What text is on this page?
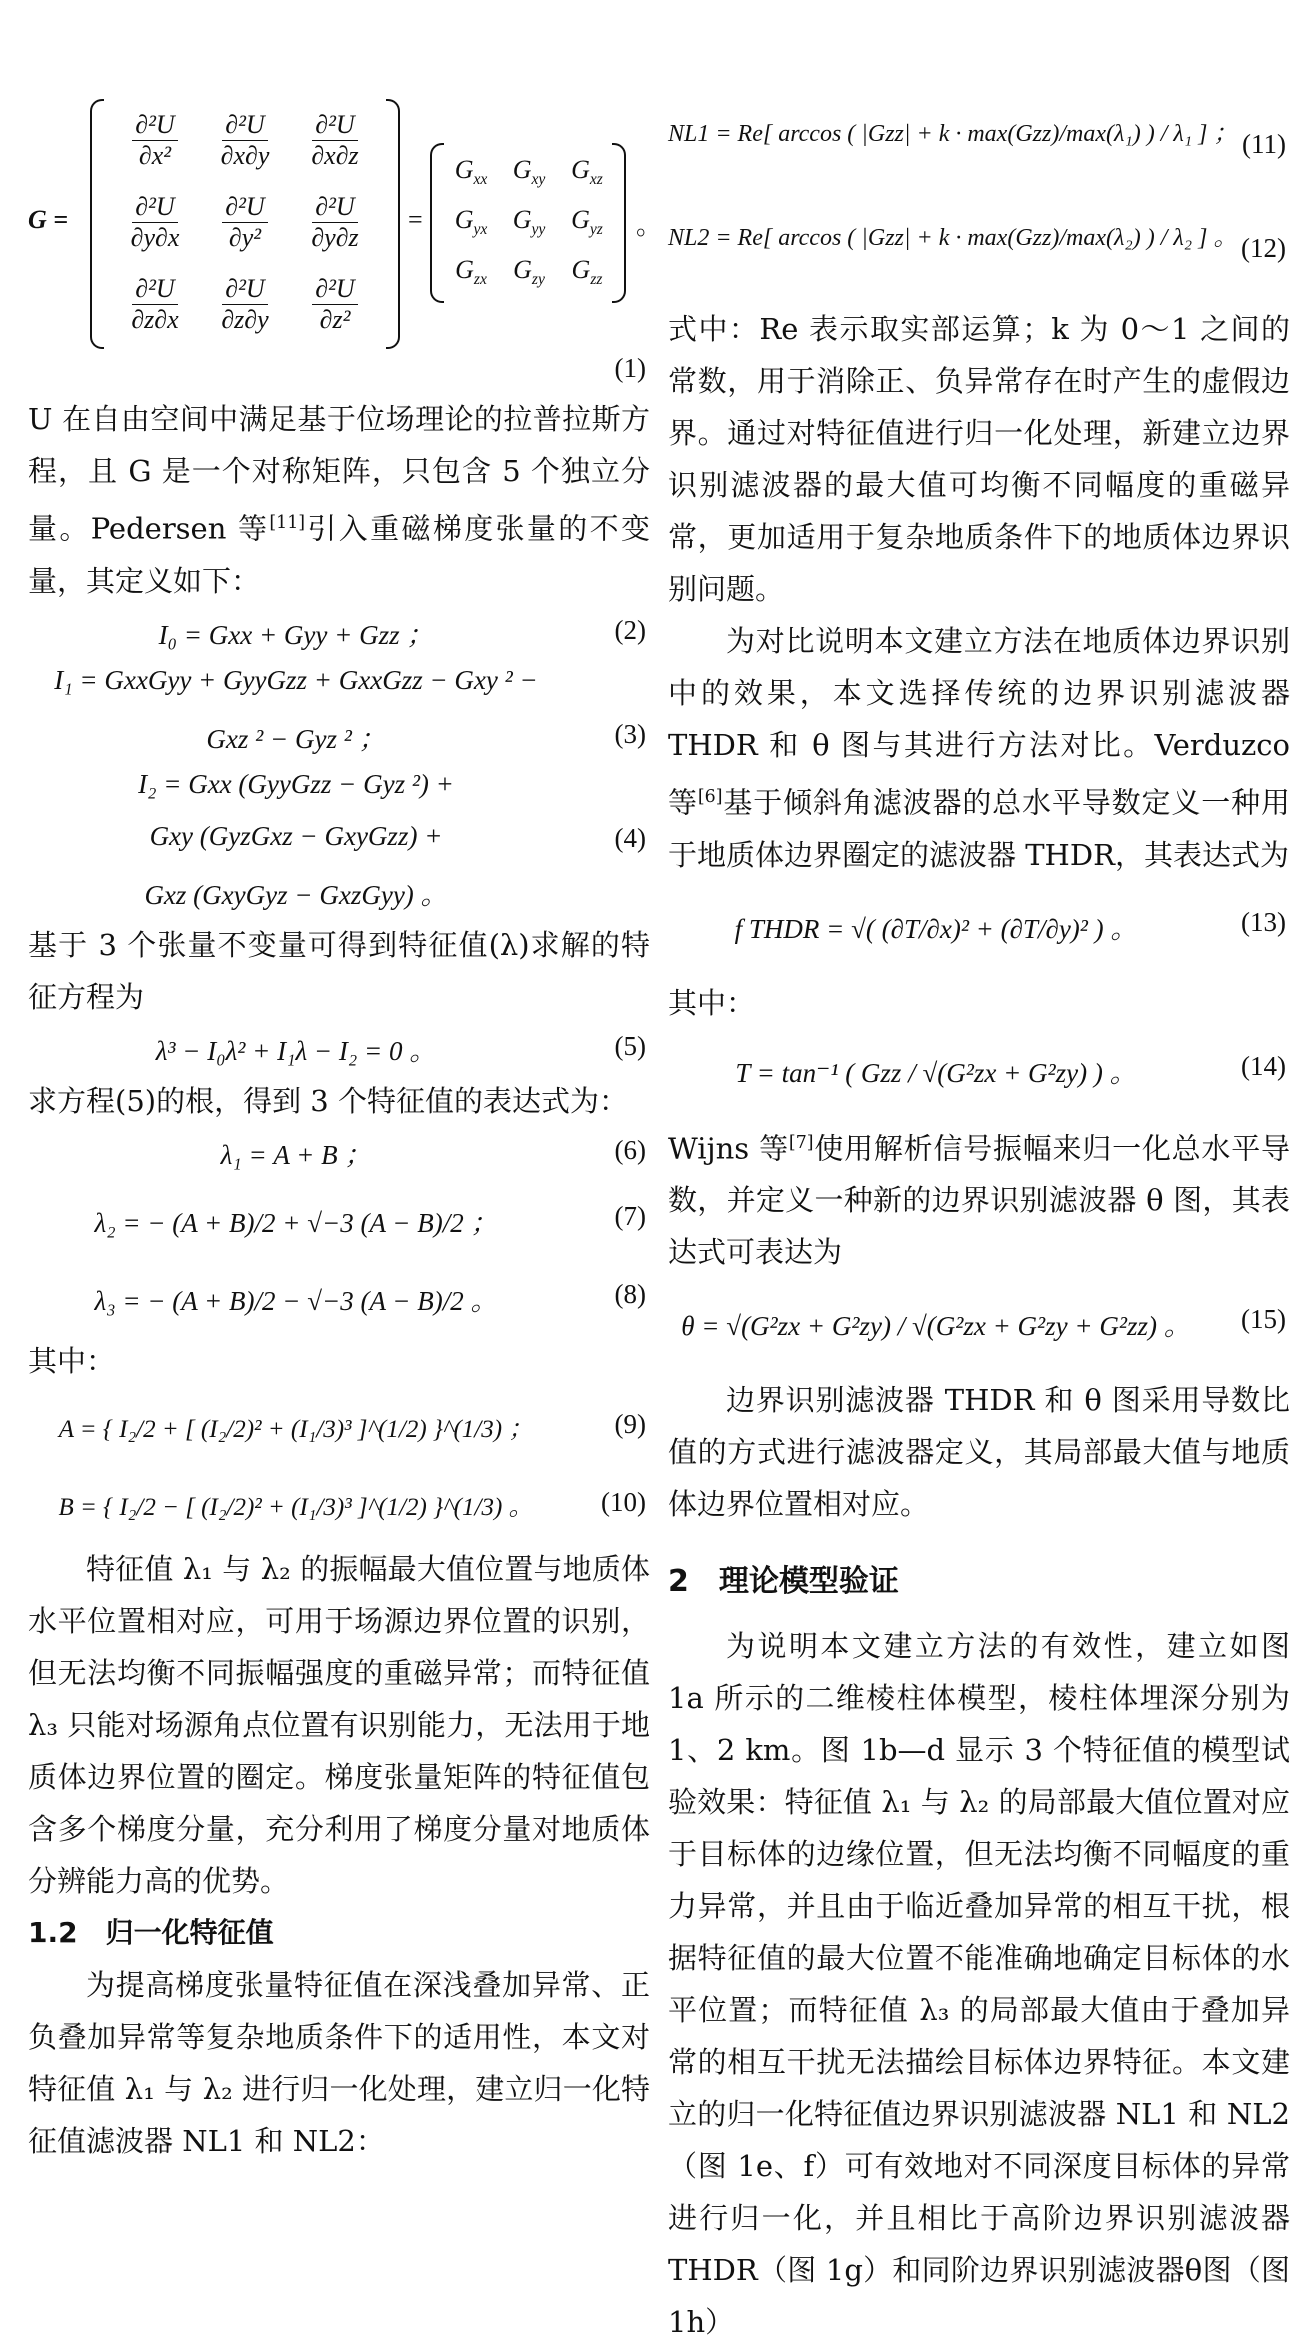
G =
$\frac{\text{∂²U}}{\text{∂x²}} \frac{\text{∂²U}}{\partial x\partial y} \frac{\text{∂²U}}{\partial x\partial z}$
$\frac{\text{∂²U}}{\partial y\partial x} \frac{\text{∂²U}}{\text{∂y²}} \frac{\text{∂²U}}{\partial y\partial z}$
$\frac{\text{∂²U}}{\partial z\partial x} \frac{\text{∂²U}}{\partial z\partial y} \frac{\text{∂²U}}{\text{∂z²}}$
=
$G_{xx}$ $G_{xy}$ $G_{xz}$
$G_{yx}$ $G_{yy}$ $G_{yz}$
$G_{zx}$ $G_{zy}$ $G_{zz}$
。
(1)

U 在自由空间中满足基于位场理论的拉普拉斯方程，且 G 是一个对称矩阵，只包含 5 个独立分量。Pedersen 等[11]引入重磁梯度张量的不变量，其定义如下：

I₀ = Gxx + Gyy + Gzz ；	(2)
I₁ = GxxGyy + GyyGzz + GxxGzz − Gxy ² −
Gxz ² − Gyz ² ；	(3)
I₂ = Gxx (GyyGzz − Gyz ²) +
Gxy (GyzGxz − GxyGzz) +	(4)
Gxz (GxyGyz − GxzGyy) 。

基于 3 个张量不变量可得到特征值(λ)求解的特征方程为

λ³ − I₀λ² + I₁λ − I₂ = 0 。	(5)

求方程(5)的根，得到 3 个特征值的表达式为：

λ₁ = A + B ；	(6)
λ₂ = − (A + B)/2 + √−3 (A − B)/2 ；	(7)
λ₃ = − (A + B)/2 − √−3 (A − B)/2 。	(8)

其中：

A = { I₂/2 + [ (I₂/2)² + (I₁/3)³ ]^(1/2) }^(1/3) ；	(9)
B = { I₂/2 − [ (I₂/2)² + (I₁/3)³ ]^(1/2) }^(1/3) 。	(10)

特征值 λ₁ 与 λ₂ 的振幅最大值位置与地质体水平位置相对应，可用于场源边界位置的识别，但无法均衡不同振幅强度的重磁异常；而特征值 λ₃ 只能对场源角点位置有识别能力，无法用于地质体边界位置的圈定。梯度张量矩阵的特征值包含多个梯度分量，充分利用了梯度分量对地质体分辨能力高的优势。

1.2　归一化特征值

为提高梯度张量特征值在深浅叠加异常、正负叠加异常等复杂地质条件下的适用性，本文对特征值 λ₁ 与 λ₂ 进行归一化处理，建立归一化特征值滤波器 NL1 和 NL2：

NL1 = Re[ arccos ( |Gzz| + k · max(Gzz)/max(λ₁) ) / λ₁ ] ； (11)
NL2 = Re[ arccos ( |Gzz| + k · max(Gzz)/max(λ₂) ) / λ₂ ] 。 (12)

式中：Re 表示取实部运算；k 为 0～1 之间的常数，用于消除正、负异常存在时产生的虚假边界。通过对特征值进行归一化处理，新建立边界识别滤波器的最大值可均衡不同幅度的重磁异常，更加适用于复杂地质条件下的地质体边界识别问题。

为对比说明本文建立方法在地质体边界识别中的效果，本文选择传统的边界识别滤波器 THDR 和 θ 图与其进行方法对比。Verduzco 等[6]基于倾斜角滤波器的总水平导数定义一种用于地质体边界圈定的滤波器 THDR，其表达式为

f THDR = √( (∂T/∂x)² + (∂T/∂y)² ) 。	(13)

其中：

T = tan⁻¹ ( Gzz / √(G²zx + G²zy) ) 。	(14)

Wijns 等[7]使用解析信号振幅来归一化总水平导数，并定义一种新的边界识别滤波器 θ 图，其表达式可表达为

θ = √(G²zx + G²zy) / √(G²zx + G²zy + G²zz) 。	(15)

边界识别滤波器 THDR 和 θ 图采用导数比值的方式进行滤波器定义，其局部最大值与地质体边界位置相对应。

2　理论模型验证

为说明本文建立方法的有效性，建立如图 1a 所示的二维棱柱体模型，棱柱体埋深分别为 1、2 km。图 1b—d 显示 3 个特征值的模型试验效果：特征值 λ₁ 与 λ₂ 的局部最大值位置对应于目标体的边缘位置，但无法均衡不同幅度的重力异常，并且由于临近叠加异常的相互干扰，根据特征值的最大位置不能准确地确定目标体的水平位置；而特征值 λ₃ 的局部最大值由于叠加异常的相互干扰无法描绘目标体边界特征。本文建立的归一化特征值边界识别滤波器 NL1 和 NL2（图 1e、f）可有效地对不同深度目标体的异常进行归一化，并且相比于高阶边界识别滤波器 THDR（图 1g）和同阶边界识别滤波器θ图（图 1h）
